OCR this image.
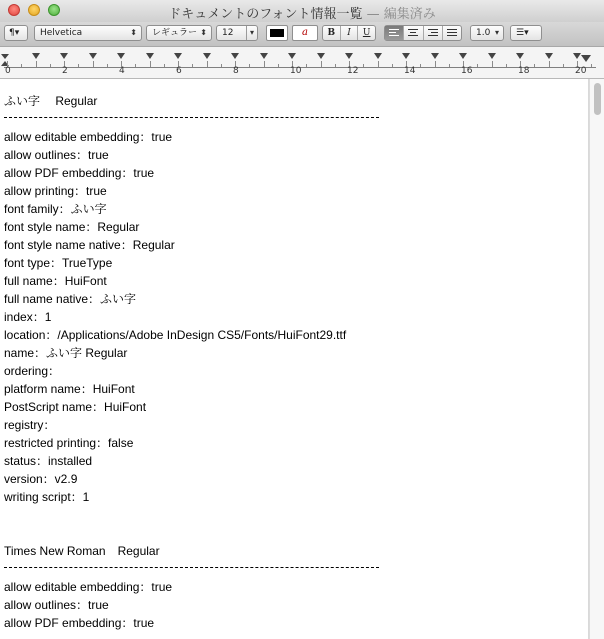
ドキュメントのフォント情報一覧 — 編集済み
¶▾	Helvetica	⬍	レギュラー ⬍	12	▾	a	B	I	U	1.0 ▾	☰▾
0	2	4	6	8	10	12	14	16	18	20
ふい字　 Regular
allow editable embedding：true
allow outlines：true
allow PDF embedding：true
allow printing：true
font family：ふい字
font style name：Regular
font style name native：Regular
font type：TrueType
full name：HuiFont
full name native：ふい字
index：1
location：/Applications/Adobe InDesign CS5/Fonts/HuiFont29.ttf
name：ふい字 Regular
ordering：
platform name：HuiFont
PostScript name：HuiFont
registry：
restricted printing：false
status：installed
version：v2.9
writing script：1
Times New Roman　Regular
allow editable embedding：true
allow outlines：true
allow PDF embedding：true
